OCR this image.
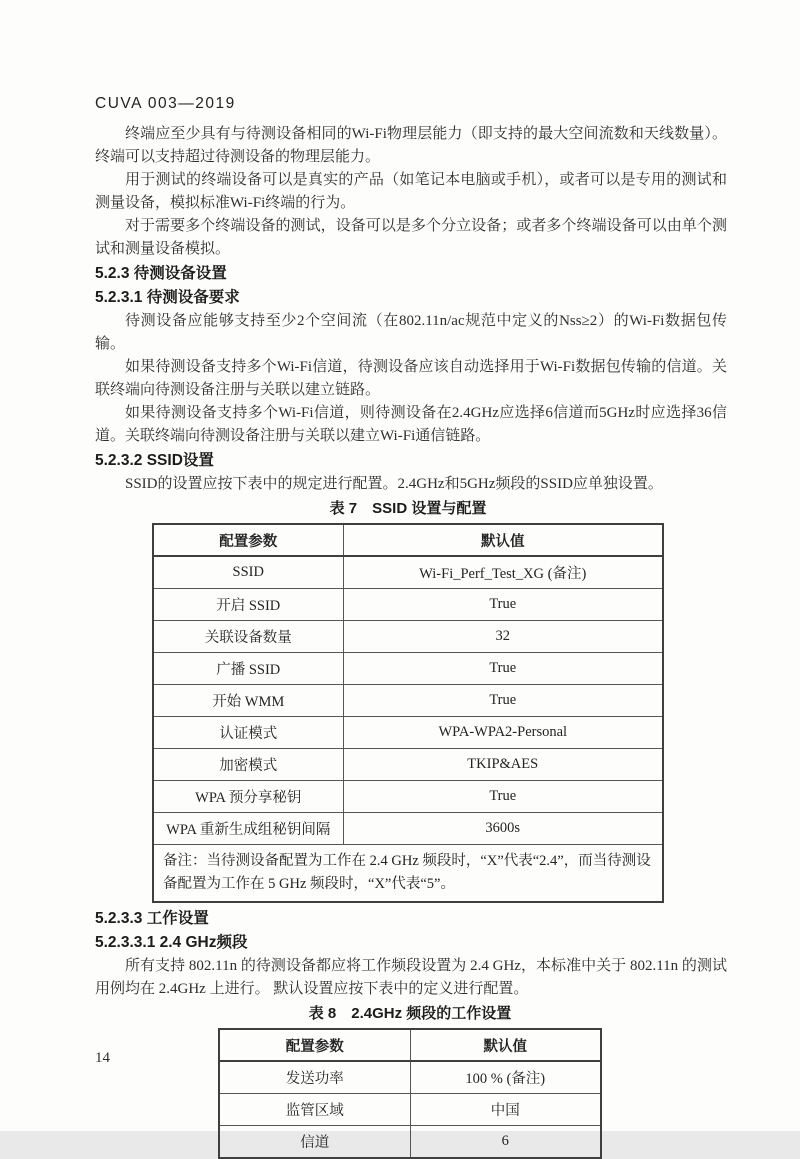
CUVA 003—2019

终端应至少具有与待测设备相同的Wi-Fi物理层能力（即支持的最大空间流数和天线数量）。终端可以支持超过待测设备的物理层能力。

用于测试的终端设备可以是真实的产品（如笔记本电脑或手机），或者可以是专用的测试和测量设备，模拟标准Wi-Fi终端的行为。

对于需要多个终端设备的测试，设备可以是多个分立设备；或者多个终端设备可以由单个测试和测量设备模拟。

5.2.3 待测设备设置
5.2.3.1 待测设备要求

待测设备应能够支持至少2个空间流（在802.11n/ac规范中定义的Nss≥2）的Wi-Fi数据包传输。

如果待测设备支持多个Wi-Fi信道，待测设备应该自动选择用于Wi-Fi数据包传输的信道。关联终端向待测设备注册与关联以建立链路。

如果待测设备支持多个Wi-Fi信道，则待测设备在2.4GHz应选择6信道而5GHz时应选择36信道。关联终端向待测设备注册与关联以建立Wi-Fi通信链路。

5.2.3.2 SSID设置

SSID的设置应按下表中的规定进行配置。2.4GHz和5GHz频段的SSID应单独设置。

表 7　SSID 设置与配置
配置参数	默认值
SSID	Wi-Fi_Perf_Test_XG (备注)
开启 SSID	True
关联设备数量	32
广播 SSID	True
开始 WMM	True
认证模式	WPA-WPA2-Personal
加密模式	TKIP&AES
WPA 预分享秘钥	True
WPA 重新生成组秘钥间隔	3600s
备注：当待测设备配置为工作在 2.4 GHz 频段时，“X”代表“2.4”，而当待测设备配置为工作在 5 GHz 频段时，“X”代表“5”。	
5.2.3.3 工作设置
5.2.3.3.1 2.4 GHz频段

所有支持 802.11n 的待测设备都应将工作频段设置为 2.4 GHz，本标准中关于 802.11n 的测试用例均在 2.4GHz 上进行。 默认设置应按下表中的定义进行配置。

表 8　2.4GHz 频段的工作设置
配置参数	默认值
发送功率	100 % (备注)
监管区域	中国
信道	6
14
